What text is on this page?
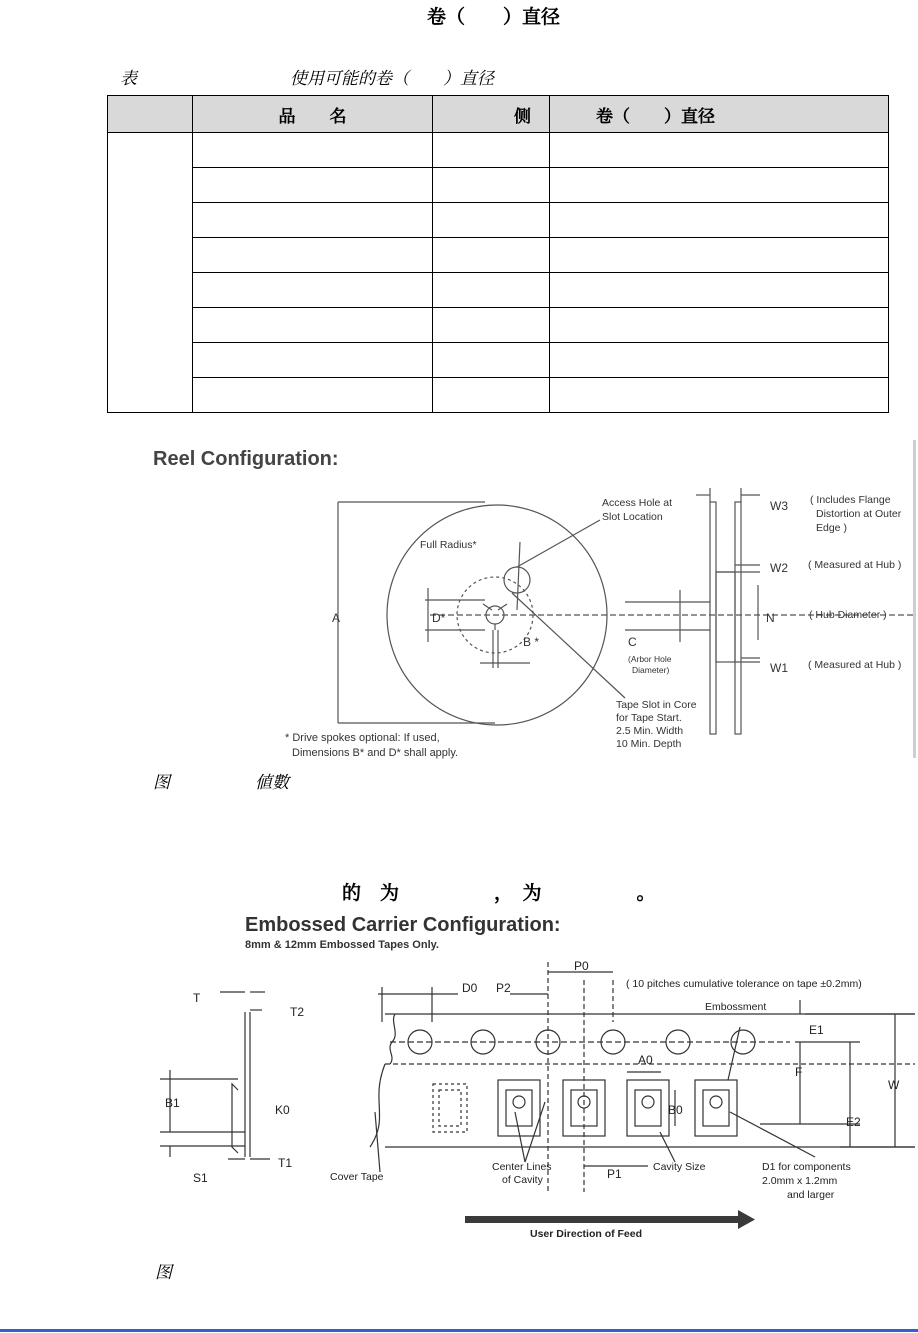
卷（　　）直径
表　　　　　　　　　使用可能的卷（　　）直径
	品　　名	侧	卷（　　）直径

Reel Configuration:
Access Hole at
Slot Location
Full Radius*
A	D*
B *	C
(Arbor Hole
Diameter)
Tape Slot in Core
for Tape Start.
2.5 Min. Width
10 Min. Depth
* Drive spokes optional: If used,
Dimensions B* and D* shall apply.
W3 ( Includes Flange
Distortion at Outer
Edge )
W2 ( Measured at Hub )
N	( Hub Diameter )
W1 ( Measured at Hub )
图　　　　　値數
的　为　　　　　，　为　　　　　。
Embossed Carrier Configuration:
8mm & 12mm Embossed Tapes Only.
T
T2
B1	K0
S1
T1
D0 P2
P0
E1
F
E2
W
A0
B0
P1
( 10 pitches cumulative tolerance on tape ±0.2mm)
Embossment
Cover Tape
Center Lines
of Cavity
Cavity Size	D1 for components
2.0mm x 1.2mm
and larger
User Direction of Feed
图
